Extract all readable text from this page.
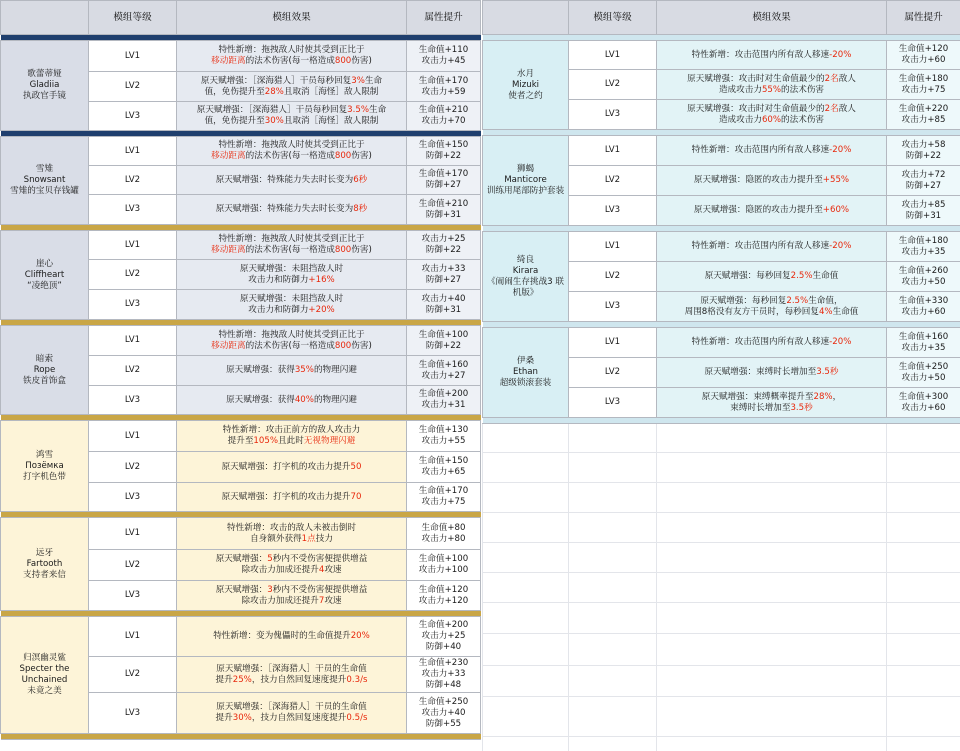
	模组等级	模组效果	属性提升

歌蕾蒂娅
Gladiia
执政官手镜	LV1	特性新增：拖拽敌人时使其受到正比于
移动距离的法术伤害(每一格造成800伤害)	生命值+110
攻击力+45

	LV2	原天赋增强：［深海猎人］干员每秒回复3%生命
值，免伤提升至28%且取消［海怪］敌人限制	生命值+170
攻击力+59

	LV3	原天赋增强：［深海猎人］干员每秒回复3.5%生命
值，免伤提升至30%且取消［海怪］敌人限制	生命值+210
攻击力+70

雪雉
Snowsant
雪雉的宝贝存钱罐	LV1	特性新增：拖拽敌人时使其受到正比于
移动距离的法术伤害(每一格造成800伤害)	生命值+150
防御+22

	LV2	原天赋增强：特殊能力失去时长变为6秒	生命值+170
防御+27

	LV3	原天赋增强：特殊能力失去时长变为8秒	生命值+210
防御+31

崖心
Cliffheart
“凌绝顶”	LV1	特性新增：拖拽敌人时使其受到正比于
移动距离的法术伤害(每一格造成800伤害)	攻击力+25
防御+22

	LV2	原天赋增强：未阻挡敌人时
攻击力和防御力+16%	攻击力+33
防御+27

	LV3	原天赋增强：未阻挡敌人时
攻击力和防御力+20%	攻击力+40
防御+31

暗索
Rope
铁皮首饰盒	LV1	特性新增：拖拽敌人时使其受到正比于
移动距离的法术伤害(每一格造成800伤害)	生命值+100
防御+22

	LV2	原天赋增强：获得35%的物理闪避	生命值+160
攻击力+27

	LV3	原天赋增强：获得40%的物理闪避	生命值+200
攻击力+31

鸿雪
Позёмка
打字机色带	LV1	特性新增：攻击正前方的敌人攻击力
提升至105%且此时无视物理闪避	生命值+130
攻击力+55

	LV2	原天赋增强：打字机的攻击力提升50	生命值+150
攻击力+65

	LV3	原天赋增强：打字机的攻击力提升70	生命值+170
攻击力+75

远牙
Fartooth
支持者来信	LV1	特性新增：攻击的敌人未被击倒时
自身额外获得1点技力	生命值+80
攻击力+80

	LV2	原天赋增强：5秒内不受伤害便提供增益
除攻击力加成还提升4攻速	生命值+100
攻击力+100

	LV3	原天赋增强：3秒内不受伤害便提供增益
除攻击力加成还提升7攻速	生命值+120
攻击力+120

归溟幽灵鲨
Specter the
Unchained
未竟之美	LV1	特性新增：变为傀儡时的生命值提升20%	生命值+200
攻击力+25
防御+40

	LV2	原天赋增强：［深海猎人］干员的生命值
提升25%，技力自然回复速度提升0.3/s	生命值+230
攻击力+33
防御+48

	LV3	原天赋增强：［深海猎人］干员的生命值
提升30%，技力自然回复速度提升0.5/s	生命值+250
攻击力+40
防御+55

	模组等级	模组效果	属性提升

水月
Mizuki
使者之约	LV1	特性新增：攻击范围内所有敌人移速-20%	生命值+120
攻击力+60

	LV2	原天赋增强：攻击时对生命值最少的2名敌人
造成攻击力55%的法术伤害	生命值+180
攻击力+75

	LV3	原天赋增强：攻击时对生命值最少的2名敌人
造成攻击力60%的法术伤害	生命值+220
攻击力+85

狮蝎
Manticore
训练用尾部防护套装	LV1	特性新增：攻击范围内所有敌人移速-20%	攻击力+58
防御+22

	LV2	原天赋增强：隐匿的攻击力提升至+55%	攻击力+72
防御+27

	LV3	原天赋增强：隐匿的攻击力提升至+60%	攻击力+85
防御+31

绮良
Kirara
《闹闹生存挑战3 联
机版》	LV1	特性新增：攻击范围内所有敌人移速-20%	生命值+180
攻击力+35

	LV2	原天赋增强：每秒回复2.5%生命值	生命值+260
攻击力+50

	LV3	原天赋增强：每秒回复2.5%生命值，
周围8格没有友方干员时，每秒回复4%生命值	生命值+330
攻击力+60

伊桑
Ethan
超级锁滚套装	LV1	特性新增：攻击范围内所有敌人移速-20%	生命值+160
攻击力+35

	LV2	原天赋增强：束缚时长增加至3.5秒	生命值+250
攻击力+50

	LV3	原天赋增强：束缚概率提升至28%，
束缚时长增加至3.5秒	生命值+300
攻击力+60
